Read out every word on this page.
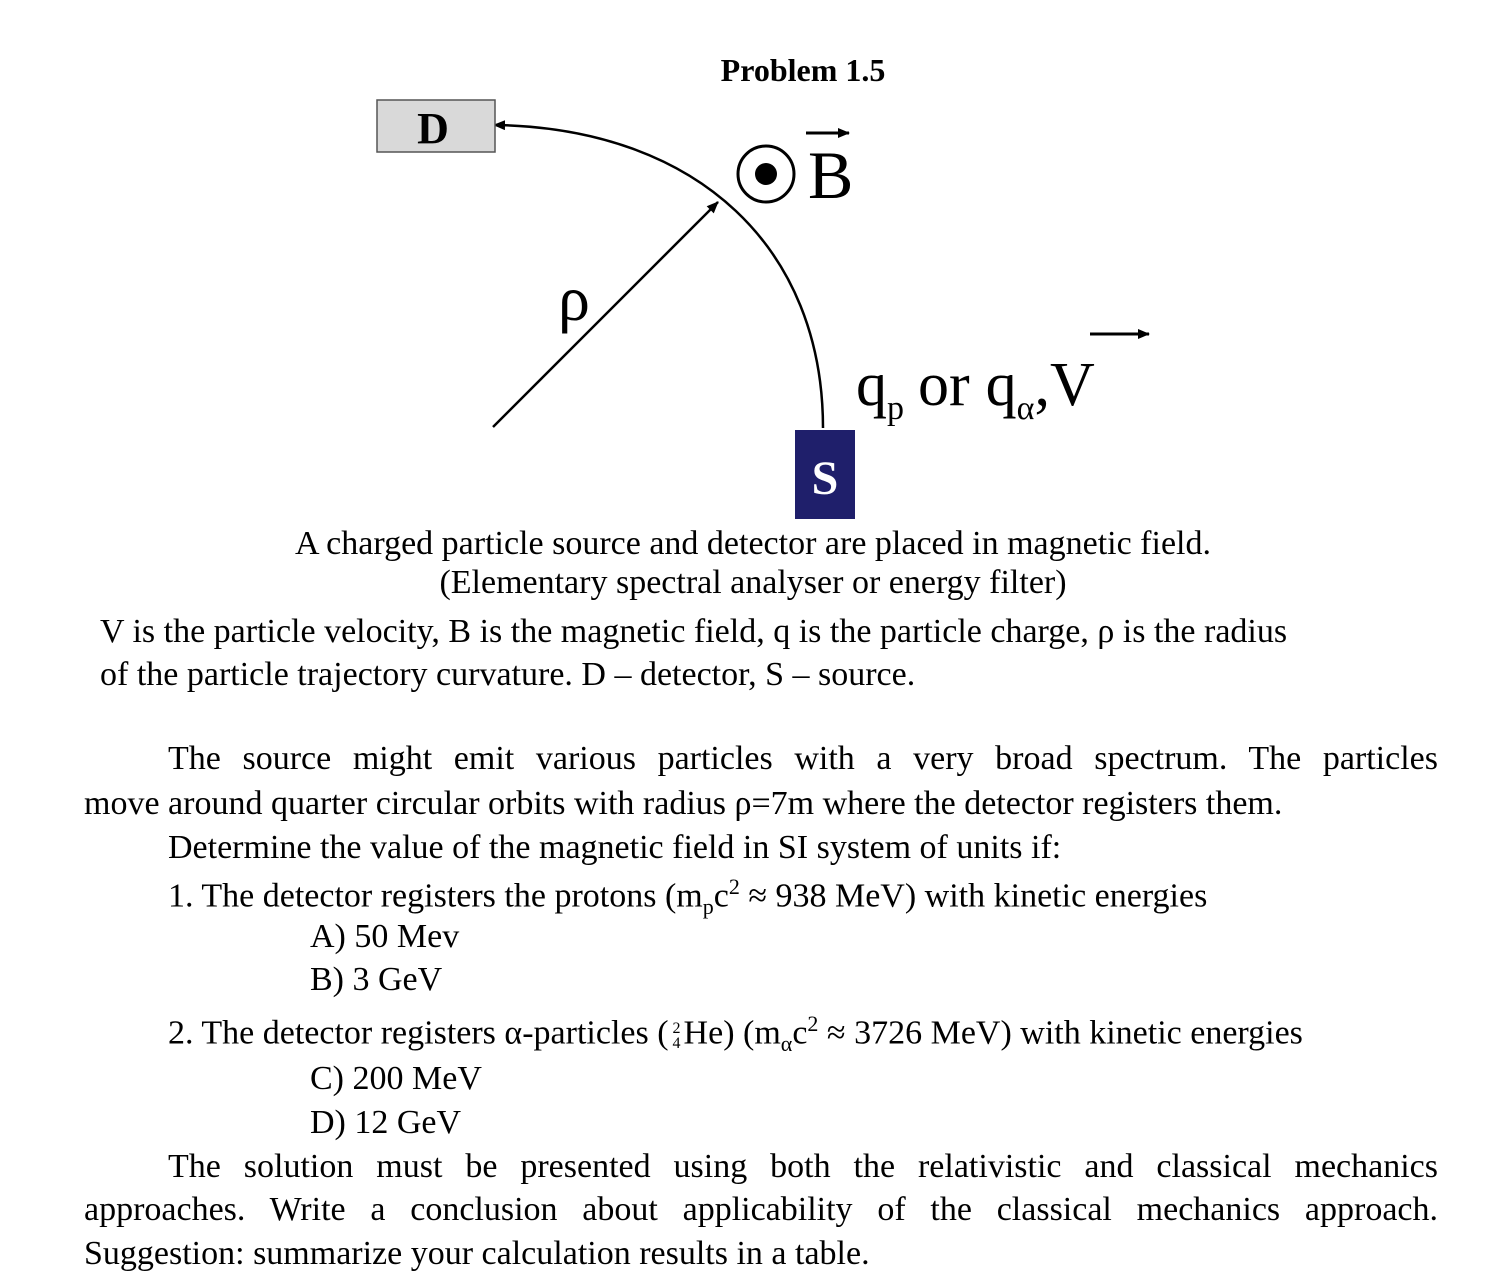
Problem 1.5
D
S
B
ρ
$q_p$ or $q_\alpha,V$
A charged particle source and detector are placed in magnetic field.
(Elementary spectral analyser or energy filter)
V is the particle velocity, B is the magnetic field, q is the particle charge, ρ is the radius
of the particle trajectory curvature. D – detector, S – source.
The source might emit various particles with a very broad spectrum. The particles
move around quarter circular orbits with radius ρ=7m where the detector registers them.
Determine the value of the magnetic field in SI system of units if:
1. The detector registers the protons ($m_pc^2 \approx 938$ MeV) with kinetic energies
A) 50 Mev
B) 3 GeV
2. The detector registers α-particles ( 2
4 He) ($m_\alpha c^2 \approx 3726$ MeV) with kinetic energies
C) 200 MeV
D) 12 GeV
The solution must be presented using both the relativistic and classical mechanics
approaches. Write a conclusion about applicability of the classical mechanics approach.
Suggestion: summarize your calculation results in a table.
